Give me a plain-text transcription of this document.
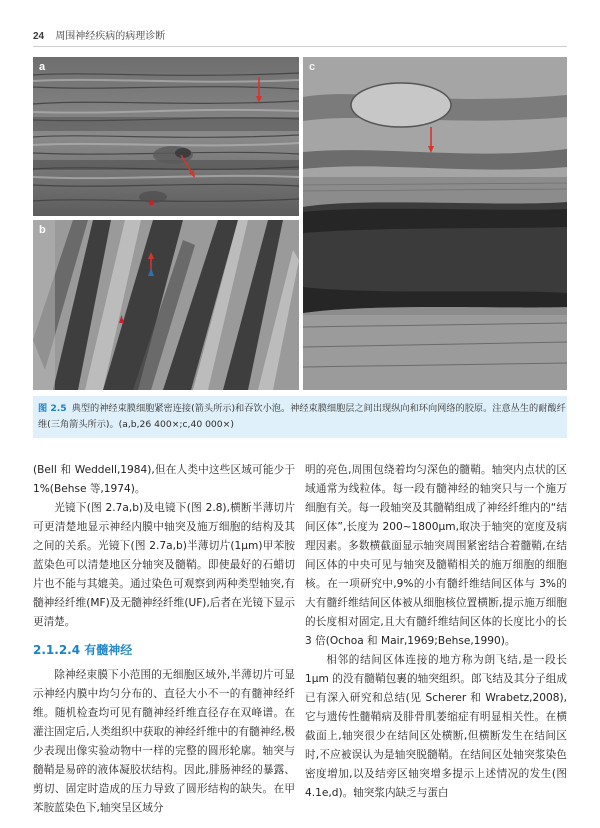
24 周围神经疾病的病理诊断
a
b
c
图 2.5 典型的神经束膜细胞紧密连接(箭头所示)和吞饮小泡。神经束膜细胞层之间出现纵向和环向网络的胶原。注意丛生的耐酸纤维(三角箭头所示)。(a,b,26 400×;c,40 000×)

(Bell 和 Weddell,1984),但在人类中这些区域可能少于 1%(Behse 等,1974)。

光镜下(图 2.7a,b)及电镜下(图 2.8),横断半薄切片可更清楚地显示神经内膜中轴突及施万细胞的结构及其之间的关系。光镜下(图 2.7a,b)半薄切片(1μm)甲苯胺蓝染色可以清楚地区分轴突及髓鞘。即使最好的石蜡切片也不能与其媲美。通过染色可观察到两种类型轴突,有髓神经纤维(MF)及无髓神经纤维(UF),后者在光镜下显示更清楚。

2.1.2.4 有髓神经

除神经束膜下小范围的无细胞区域外,半薄切片可显示神经内膜中均匀分布的、直径大小不一的有髓神经纤维。随机检查均可见有髓神经纤维直径存在双峰谱。在灌注固定后,人类组织中获取的神经纤维中的有髓神经,极少表现出像实验动物中一样的完整的圆形轮廓。轴突与髓鞘是易碎的液体凝胶状结构。因此,腓肠神经的暴露、剪切、固定时造成的压力导致了圆形结构的缺失。在甲苯胺蓝染色下,轴突呈区域分

明的亮色,周围包绕着均匀深色的髓鞘。轴突内点状的区域通常为线粒体。每一段有髓神经的轴突只与一个施万细胞有关。每一段轴突及其髓鞘组成了神经纤维内的“结间区体”,长度为 200~1800μm,取决于轴突的宽度及病理因素。多数横截面显示轴突周围紧密结合着髓鞘,在结间区体的中央可见与轴突及髓鞘相关的施万细胞的细胞核。在一项研究中,9%的小有髓纤维结间区体与 3%的大有髓纤维结间区体被从细胞核位置横断,提示施万细胞的长度相对固定,且大有髓纤维结间区体的长度比小的长 3 倍(Ochoa 和 Mair,1969;Behse,1990)。

相邻的结间区体连接的地方称为朗飞结,是一段长 1μm 的没有髓鞘包裹的轴突组织。郎飞结及其分子组成已有深入研究和总结(见 Scherer 和 Wrabetz,2008),它与遗传性髓鞘病及腓骨肌萎缩症有明显相关性。在横截面上,轴突很少在结间区处横断,但横断发生在结间区时,不应被误认为是轴突脱髓鞘。在结间区处轴突浆染色密度增加,以及结旁区轴突增多提示上述情况的发生(图 4.1e,d)。轴突浆内缺乏与蛋白
